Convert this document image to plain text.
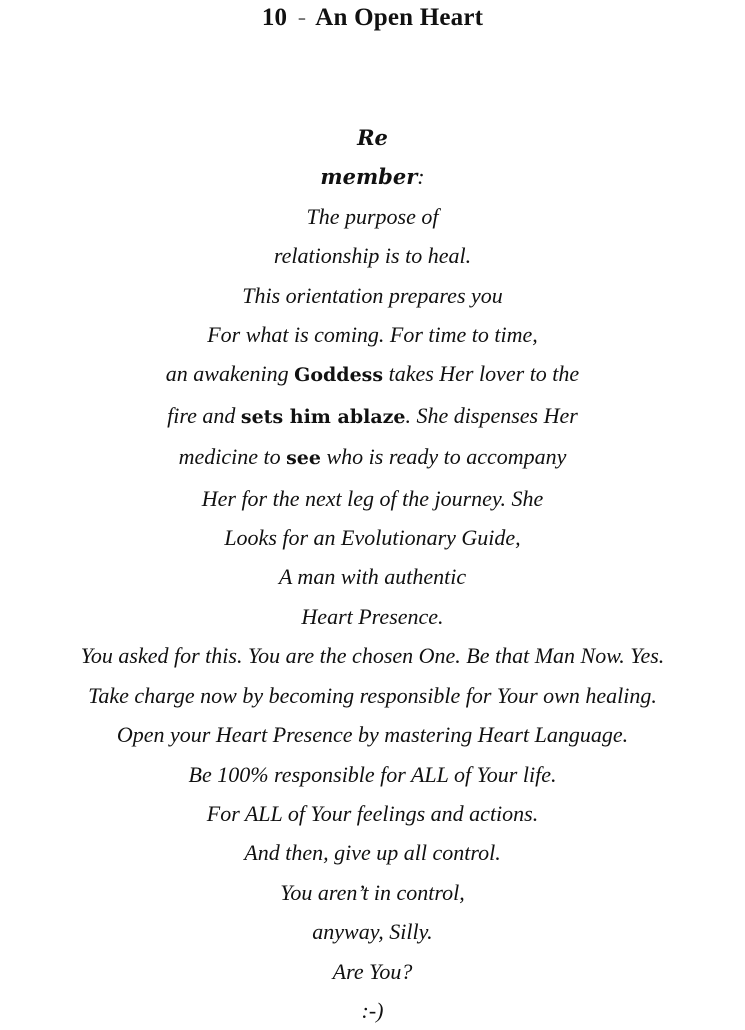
10 - An Open Heart
Re
member:
The purpose of
relationship is to heal.
This orientation prepares you
For what is coming. For time to time,
an awakening Goddess takes Her lover to the
fire and sets him ablaze. She dispenses Her
medicine to see who is ready to accompany
Her for the next leg of the journey. She
Looks for an Evolutionary Guide,
A man with authentic
Heart Presence.
You asked for this. You are the chosen One. Be that Man Now. Yes.
Take charge now by becoming responsible for Your own healing.
Open your Heart Presence by mastering Heart Language.
Be 100% responsible for ALL of Your life.
For ALL of Your feelings and actions.
And then, give up all control.
You aren’t in control,
anyway, Silly.
Are You?
:-)
